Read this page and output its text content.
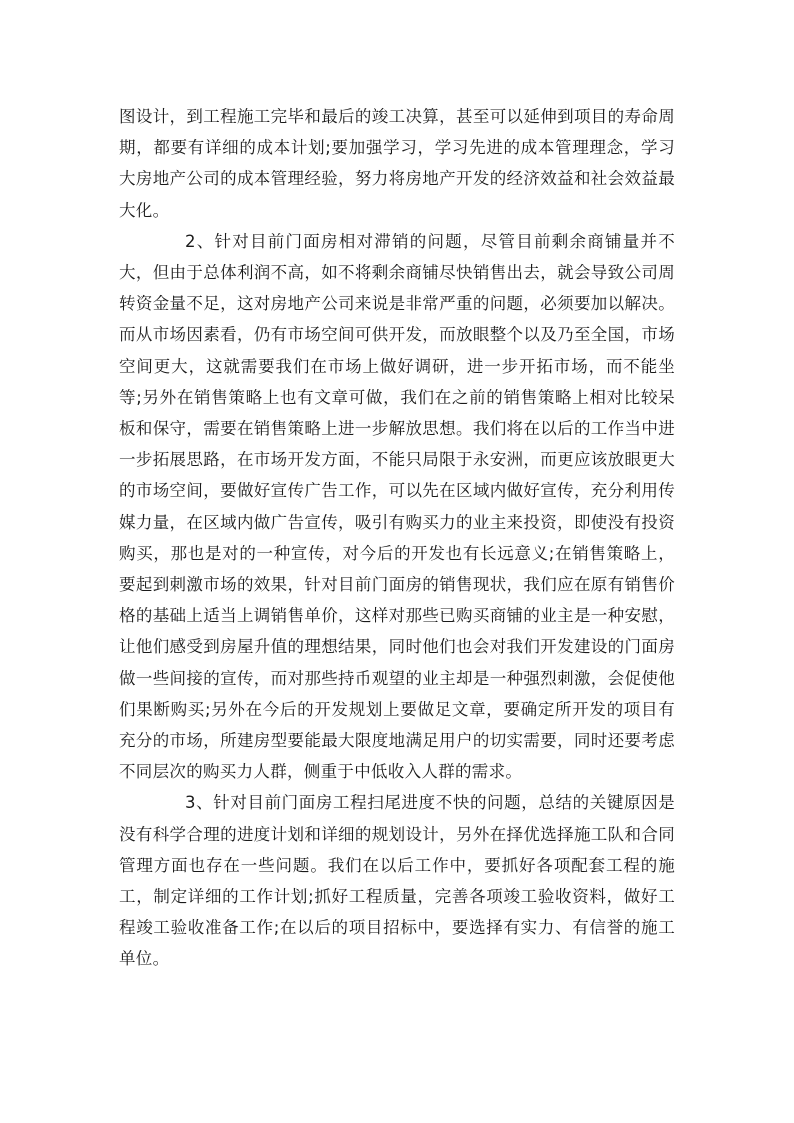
图设计，到工程施工完毕和最后的竣工决算，甚至可以延伸到项目的寿命周期，都要有详细的成本计划;要加强学习，学习先进的成本管理理念，学习大房地产公司的成本管理经验，努力将房地产开发的经济效益和社会效益最大化。

2、针对目前门面房相对滞销的问题，尽管目前剩余商铺量并不大，但由于总体利润不高，如不将剩余商铺尽快销售出去，就会导致公司周转资金量不足，这对房地产公司来说是非常严重的问题，必须要加以解决。而从市场因素看，仍有市场空间可供开发，而放眼整个以及乃至全国，市场空间更大，这就需要我们在市场上做好调研，进一步开拓市场，而不能坐等;另外在销售策略上也有文章可做，我们在之前的销售策略上相对比较呆板和保守，需要在销售策略上进一步解放思想。我们将在以后的工作当中进一步拓展思路，在市场开发方面，不能只局限于永安洲，而更应该放眼更大的市场空间，要做好宣传广告工作，可以先在区域内做好宣传，充分利用传媒力量，在区域内做广告宣传，吸引有购买力的业主来投资，即使没有投资购买，那也是对的一种宣传，对今后的开发也有长远意义;在销售策略上，要起到刺激市场的效果，针对目前门面房的销售现状，我们应在原有销售价格的基础上适当上调销售单价，这样对那些已购买商铺的业主是一种安慰，让他们感受到房屋升值的理想结果，同时他们也会对我们开发建设的门面房做一些间接的宣传，而对那些持币观望的业主却是一种强烈刺激，会促使他们果断购买;另外在今后的开发规划上要做足文章，要确定所开发的项目有充分的市场，所建房型要能最大限度地满足用户的切实需要，同时还要考虑不同层次的购买力人群，侧重于中低收入人群的需求。

3、针对目前门面房工程扫尾进度不快的问题，总结的关键原因是没有科学合理的进度计划和详细的规划设计，另外在择优选择施工队和合同管理方面也存在一些问题。我们在以后工作中，要抓好各项配套工程的施工，制定详细的工作计划;抓好工程质量，完善各项竣工验收资料，做好工程竣工验收准备工作;在以后的项目招标中，要选择有实力、有信誉的施工单位。
